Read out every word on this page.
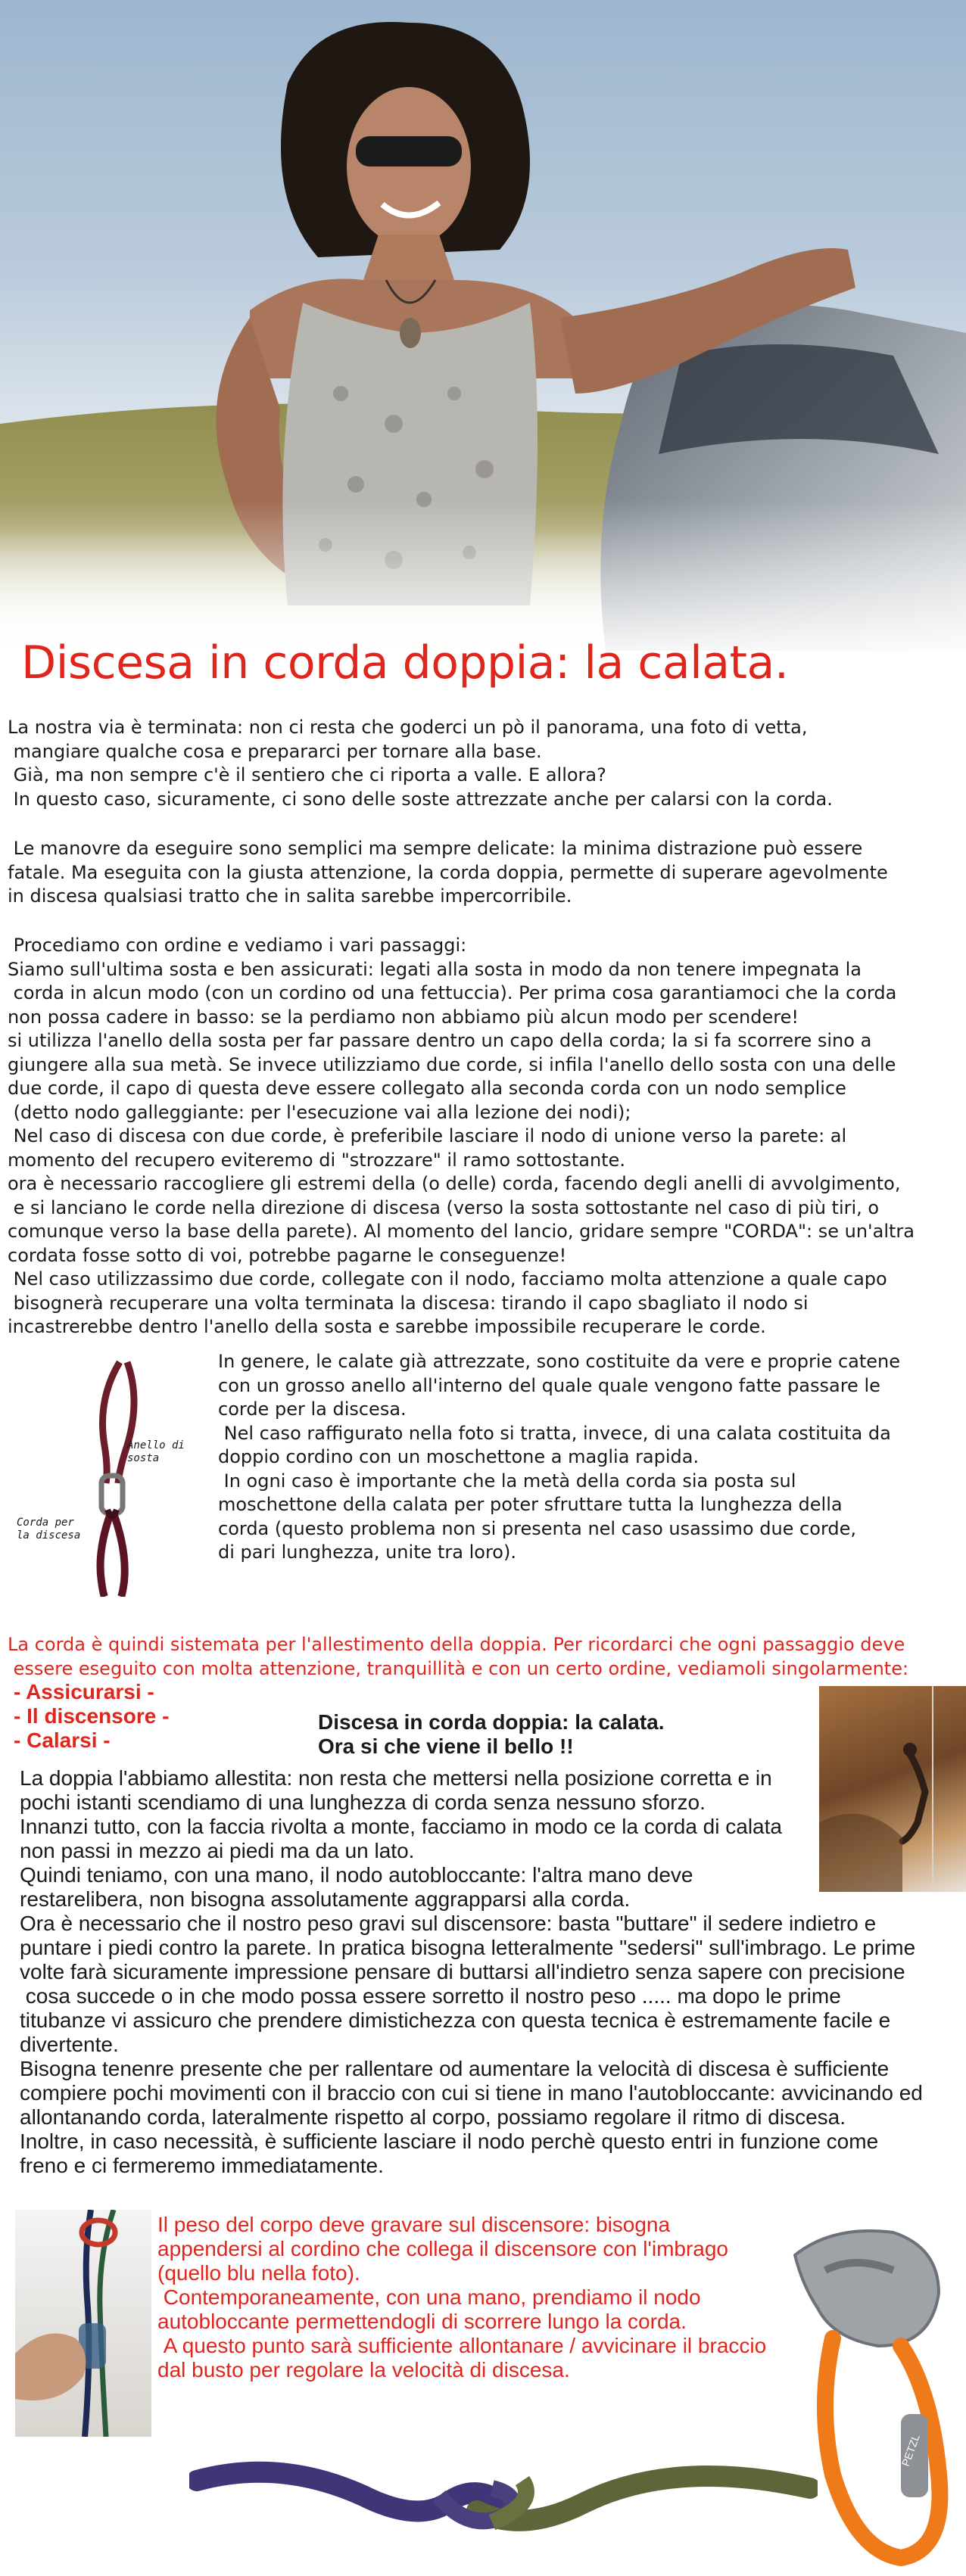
Discesa in corda doppia: la calata.
La nostra via è terminata: non ci resta che goderci un pò il panorama, una foto di vetta,
mangiare qualche cosa e prepararci per tornare alla base.
Già, ma non sempre c'è il sentiero che ci riporta a valle. E allora?
In questo caso, sicuramente, ci sono delle soste attrezzate anche per calarsi con la corda.
Le manovre da eseguire sono semplici ma sempre delicate: la minima distrazione può essere
fatale. Ma eseguita con la giusta attenzione, la corda doppia, permette di superare agevolmente
in discesa qualsiasi tratto che in salita sarebbe impercorribile.
Procediamo con ordine e vediamo i vari passaggi:
Siamo sull'ultima sosta e ben assicurati: legati alla sosta in modo da non tenere impegnata la
corda in alcun modo (con un cordino od una fettuccia). Per prima cosa garantiamoci che la corda
non possa cadere in basso: se la perdiamo non abbiamo più alcun modo per scendere!
si utilizza l'anello della sosta per far passare dentro un capo della corda; la si fa scorrere sino a
giungere alla sua metà. Se invece utilizziamo due corde, si infila l'anello dello sosta con una delle
due corde, il capo di questa deve essere collegato alla seconda corda con un nodo semplice
(detto nodo galleggiante: per l'esecuzione vai alla lezione dei nodi);
Nel caso di discesa con due corde, è preferibile lasciare il nodo di unione verso la parete: al
momento del recupero eviteremo di "strozzare" il ramo sottostante.
ora è necessario raccogliere gli estremi della (o delle) corda, facendo degli anelli di avvolgimento,
e si lanciano le corde nella direzione di discesa (verso la sosta sottostante nel caso di più tiri, o
comunque verso la base della parete). Al momento del lancio, gridare sempre "CORDA": se un'altra
cordata fosse sotto di voi, potrebbe pagarne le conseguenze!
Nel caso utilizzassimo due corde, collegate con il nodo, facciamo molta attenzione a quale capo
bisognerà recuperare una volta terminata la discesa: tirando il capo sbagliato il nodo si
incastrerebbe dentro l'anello della sosta e sarebbe impossibile recuperare le corde.
Anello di
sosta
Corda per
la discesa
In genere, le calate già attrezzate, sono costituite da vere e proprie catene
con un grosso anello all'interno del quale quale vengono fatte passare le
corde per la discesa.
Nel caso raffigurato nella foto si tratta, invece, di una calata costituita da
doppio cordino con un moschettone a maglia rapida.
In ogni caso è importante che la metà della corda sia posta sul
moschettone della calata per poter sfruttare tutta la lunghezza della
corda (questo problema non si presenta nel caso usassimo due corde,
di pari lunghezza, unite tra loro).
La corda è quindi sistemata per l'allestimento della doppia. Per ricordarci che ogni passaggio deve
essere eseguito con molta attenzione, tranquillità e con un certo ordine, vediamoli singolarmente:
- Assicurarsi -
- Il discensore -
- Calarsi -
Discesa in corda doppia: la calata.
Ora si che viene il bello !!
La doppia l'abbiamo allestita: non resta che mettersi nella posizione corretta e in
pochi istanti scendiamo di una lunghezza di corda senza nessuno sforzo.
Innanzi tutto, con la faccia rivolta a monte, facciamo in modo ce la corda di calata
non passi in mezzo ai piedi ma da un lato.
Quindi teniamo, con una mano, il nodo autobloccante: l'altra mano deve
restarelibera, non bisogna assolutamente aggrapparsi alla corda.
Ora è necessario che il nostro peso gravi sul discensore: basta "buttare" il sedere indietro e
puntare i piedi contro la parete. In pratica bisogna letteralmente "sedersi" sull'imbrago. Le prime
volte farà sicuramente impressione pensare di buttarsi all'indietro senza sapere con precisione
cosa succede o in che modo possa essere sorretto il nostro peso ..... ma dopo le prime
titubanze vi assicuro che prendere dimistichezza con questa tecnica è estremamente facile e
divertente.
Bisogna tenenre presente che per rallentare od aumentare la velocità di discesa è sufficiente
compiere pochi movimenti con il braccio con cui si tiene in mano l'autobloccante: avvicinando ed
allontanando corda, lateralmente rispetto al corpo, possiamo regolare il ritmo di discesa.
Inoltre, in caso necessità, è sufficiente lasciare il nodo perchè questo entri in funzione come
freno e ci fermeremo immediatamente.
Il peso del corpo deve gravare sul discensore: bisogna
appendersi al cordino che collega il discensore con l'imbrago
(quello blu nella foto).
Contemporaneamente, con una mano, prendiamo il nodo
autobloccante permettendogli di scorrere lungo la corda.
A questo punto sarà sufficiente allontanare / avvicinare il braccio
dal busto per regolare la velocità di discesa.
PETZL
